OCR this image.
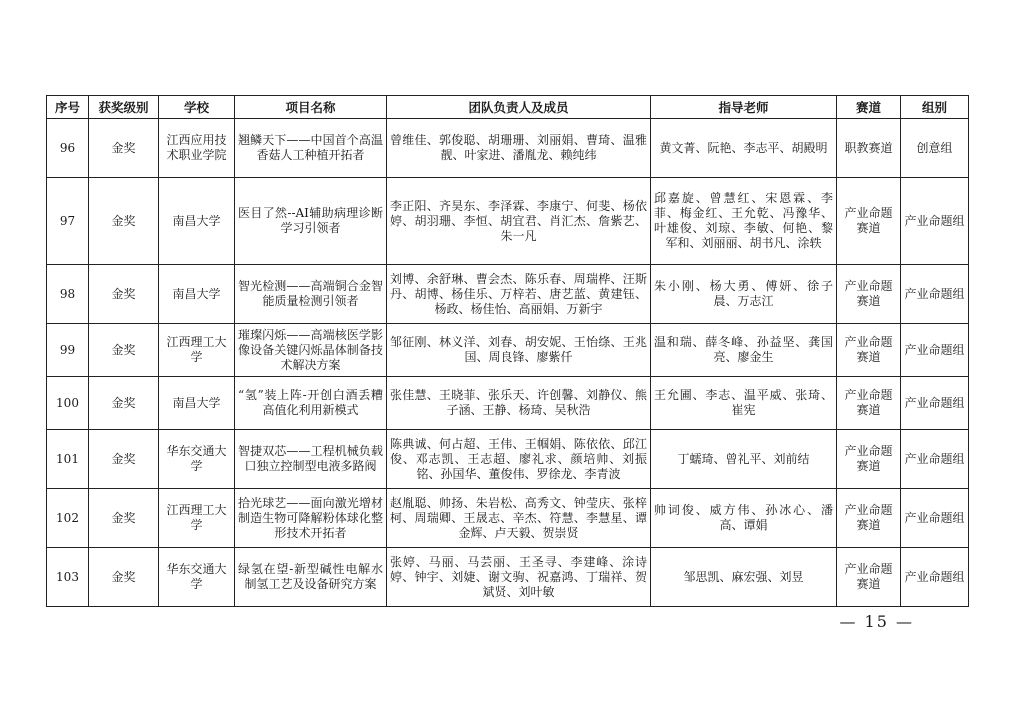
序号	获奖级别	学校	项目名称	团队负责人及成员	指导老师	赛道	组别
96	金奖	江西应用技术职业学院	翘鳞天下——中国首个高温香菇人工种植开拓者	曾维佳、郭俊聪、胡珊珊、刘丽娟、曹琦、温雅靓、叶家进、潘胤龙、赖纯纬	黄文菁、阮艳、李志平、胡殿明	职教赛道	创意组
97	金奖	南昌大学	医目了然--AI辅助病理诊断学习引领者	李正阳、齐昊东、李泽霖、李康宁、何斐、杨依婷、胡羽珊、李恒、胡宜君、肖汇杰、詹紫艺、朱一凡	邱嘉旋、曾慧红、宋恩霖、李菲、梅金红、王允乾、冯豫华、叶雄俊、刘琼、李敏、何艳、黎军和、刘丽丽、胡书凡、涂轶	产业命题赛道	产业命题组
98	金奖	南昌大学	智光检测——高端铜合金智能质量检测引领者	刘博、余舒琳、曹会杰、陈乐春、周瑞桦、汪斯丹、胡博、杨佳乐、万梓若、唐艺蓝、黄建钰、杨政、杨佳怡、高丽娟、万新宇	朱小刚、杨大勇、傅妍、徐子晨、万志江	产业命题赛道	产业命题组
99	金奖	江西理工大学	璀璨闪烁——高端核医学影像设备关键闪烁晶体制备技术解决方案	邹征刚、林义洋、刘春、胡安妮、王怡绦、王兆国、周良锋、廖紫仟	温和瑞、薛冬峰、孙益坚、龚国亮、廖金生	产业命题赛道	产业命题组
100	金奖	南昌大学	“氢”装上阵-开创白酒丢糟高值化利用新模式	张佳慧、王晓菲、张乐天、许创馨、刘静仪、熊子涵、王静、杨琦、吴秋浩	王允圃、李志、温平威、张琦、崔宪	产业命题赛道	产业命题组
101	金奖	华东交通大学	智捷双芯——工程机械负载口独立控制型电液多路阀	陈典诚、何占超、王伟、王帼娟、陈依依、邱江俊、邓志凯、王志超、廖礼求、颜培帅、刘振铭、孙国华、董俊伟、罗徐龙、李青波	丁蠕琦、曾礼平、刘前结	产业命题赛道	产业命题组
102	金奖	江西理工大学	拾光球艺——面向激光增材制造生物可降解粉体球化整形技术开拓者	赵胤聪、帅扬、朱岩松、高秀文、钟莹庆、张梓柯、周瑞卿、王晟志、辛杰、符慧、李慧星、谭金辉、卢天毅、贺崇贤	帅词俊、威方伟、孙冰心、潘高、谭娟	产业命题赛道	产业命题组
103	金奖	华东交通大学	绿氢在望-新型碱性电解水制氢工艺及设备研究方案	张婷、马丽、马芸丽、王圣寻、李建峰、涂诗婷、钟宇、刘婕、谢文驹、祝嘉鸿、丁瑞祥、贺斌贤、刘叶敏	邹思凯、麻宏强、刘昱	产业命题赛道	产业命题组
— 15 —
